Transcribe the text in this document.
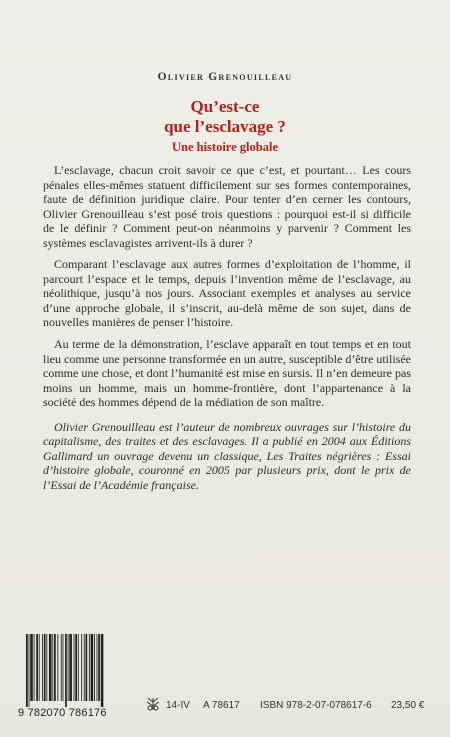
Olivier Grenouilleau
Qu’est-ce
que l’esclavage ?
Une histoire globale

L’esclavage, chacun croit savoir ce que c’est, et pourtant… Les cours pénales elles-mêmes statuent difficilement sur ses formes contemporaines, faute de définition juridique claire. Pour tenter d’en cerner les contours, Olivier Grenouilleau s’est posé trois questions : pourquoi est-il si difficile de le définir ? Comment peut-on néanmoins y parvenir ? Comment les systèmes esclavagistes arrivent-ils à durer ?

Comparant l’esclavage aux autres formes d’exploitation de l’homme, il parcourt l’espace et le temps, depuis l’invention même de l’esclavage, au néolithique, jusqu’à nos jours. Associant exemples et analyses au service d’une approche globale, il s’inscrit, au-delà même de son sujet, dans de nouvelles manières de penser l’histoire.

Au terme de la démonstration, l’esclave apparaît en tout temps et en tout lieu comme une personne transformée en un autre, susceptible d’être utilisée comme une chose, et dont l’humanité est mise en sursis. Il n’en demeure pas moins un homme, mais un homme-frontière, dont l’appartenance à la société des hommes dépend de la médiation de son maître.

Olivier Grenouilleau est l’auteur de nombreux ouvrages sur l’histoire du capitalisme, des traites et des esclavages. Il a publié en 2004 aux Éditions Gallimard un ouvrage devenu un classique, Les Traites négrières : Essai d’histoire globale, couronné en 2005 par plusieurs prix, dont le prix de l’Essai de l’Académie française.

9 782070 786176
14-IV A 78617 ISBN 978-2-07-078617-6 23,50 €
